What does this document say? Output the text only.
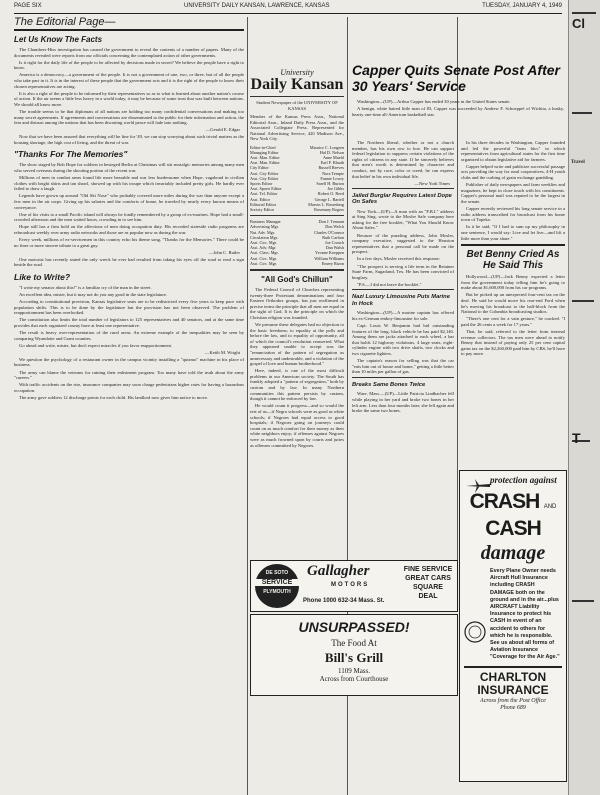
PAGE SIX	UNIVERSITY DAILY KANSAN, LAWRENCE, KANSAS	TUESDAY, JANUARY 4, 1949
The Editorial Page—
Let Us Know The Facts

The Chambers-Hiss investigation has caused the government to reveal the contents of a number of papers. Many of the documents revealed were reports from our officials concerning the contemplated action of other governments.

Is it right for the daily life of the people to be affected by decisions made in secret? We believe the people have a right to know.

America is a democracy—a government of the people. It is not a government of one, two, or three, but of all the people who take part in it. It is in the interest of these people that the government acts and it is the right of the people to know their chosen representatives are acting.

It is also a right of the people to be informed by their representatives so as to what is learned about another nation's course of action. If the air seems a little less heavy in a world today, it may be because of some trust that was built between nations. We should all know more.

The trouble seems to be that diplomats of all nations are holding too many confidential conversations and making too many secret agreements. If agreements and conversations are disseminated to the public for their information and action, the fear and distrust among the nations that has been thwarting world peace will fade into nothing.

—Gerald E. Edgar

Now that we have been assured that everything will be fine for '49, we can stop worrying about such trivial matters as the housing shortage, the high cost of living, and the threat of war.

"Thanks For The Memories"

The show staged by Bob Hope for soldiers in besieged Berlin at Christmas will stir nostalgic memories among many men who served overseas during the shooting portion of the recent war.

Millions of men in combat areas found life more bearable and war less burdensome when Hope, vagabond in civilian clothes with bright shirts and tan shawl, showed up with his troupe which invariably included pretty girls. He hardly ever failed to draw a laugh.

Legends have grown up around "Old Ski Nose" who probably covered more miles during the war than anyone except a few men in the air corps. Giving up his salaries and the comforts of home, he traveled by nearly every known means of conveyance.

One of his visits to a small Pacific island will always be fondly remembered by a group of ex-marines. Hope had a small-crowded afternoon and the men waited hours, crowding in to see him.

Hope still has a firm hold on the affections of men doing occupation duty. His recorded stateside radio programs are rebroadcast weekly over army radio networks and those are as popular now as during the war.

Every week, millions of ex-servicemen in this country echo his theme song, "Thanks for the Memories." There could be no finer or more sincere tribute to a great guy.

—John C. Butler

One motorist has recently stated the only wreck he ever had resulted from taking his eyes off the road to read a sign beside the road.

Like to Write?

"I write my senator about this!" is a familiar cry of the man in the street.

An excellent idea, mister, but it may not do you any good in the state legislature.

According to constitutional provision, Kansas legislative seats are to be redistricted every five years to keep pace with population shifts. This is to be done by the legislature but the provision has not been observed. The problem of reapportionment has been overlooked.

The constitution also limits the total number of legislators to 125 representatives and 40 senators, and at the same time provides that each organized county have at least one representative.

The result is heavy over-representation of the rural areas. An extreme example of the inequalities may be seen by comparing Wyandotte and Grant counties.

Go ahead and write, mister, but don't expect miracles if you favor reapportionment.

—Keith M. Wright

We question the psychology of a restaurant owner in the campus vicinity installing a "quizmo" machine in his place of business.

The army can blame the veterans for ruining their enlistment program. Too many have told the truth about the army "careers."

With traffic accidents on the rise, insurance companies may soon charge pedestrians higher rates for having a hazardous occupation.

The army gave soldiers 12 discharge points for each child. His landlord now gives him notice to move.

University
Daily Kansan
Student Newspaper of the UNIVERSITY OF KANSAS
Member of the Kansas Press Assn., National Editorial Assn., Inland Daily Press Assn., and the Associated Collegiate Press. Represented for National Advertising Service, 420 Madison Ave., New York City.
Editor-in-Chief	Maurice C. Longren
Managing Editor	Hal D. Nelson
Asst. Man. Editor	Anne Muehl
Asst. Man. Editor	Earl F. Blauth
City Editor	Russell Reeves
Asst. City Editor	Nora Tempie
Asst. City Editor	Fannie Lowry
Sports Editor	Sarell H. Burton
Asst. Sports Editor	Joe Gibbs
Asst. Tel. Editor	Robert O. Reed
Asst. Editor	George L. Bartell
Editorial Editor	Marvin L. Rosenberg
Society Editor	Rosemary Rogers
Business Manager	Don J. Tennant
Advertising Mgr.	Don Welch
Nat. Adv. Mgr.	Charles O'Connor
Circulation Mgr.	Ruth Carlton
Asst. Circ. Mgr.	Joe Crouch
Asst. Adv. Mgr.	Dan Walsh
Asst. Class. Mgr.	Yvonne Koeppen
Asst. Circ. Mgr.	William Williams
Asst. Circ. Mgr.	Emery Rizon
"All God's Chillun"

The Federal Council of Churches representing twenty-three Protestant denominations and four Eastern Orthodox groups, has just reaffirmed in precise terms the principle that all men are equal in the sight of God. It is the principle on which the Christian religion was founded.

We presume these delegates had no objection to the basic freedoms; to equality at the polls and before the law, and to equality of opportunity, all of which the council's resolution reasserted. What they appeared unable to accept was the "renunciation of the pattern of segregation as unnecessary and undesirable, and a violation of the gospel of love and human brotherhood."

Here, indeed, is one of the most difficult problems in our American society. The South has frankly adopted a "pattern of segregation," both by custom and by law. In many Northern communities this pattern persists by custom, though it cannot be enforced by law.

He would count it progress—and so would the rest of us—if Negro schools were as good as white schools; if Negroes had equal access to good hospitals; if Negroes going on journeys could count on as much comfort for their money as their white neighbors enjoy; if offenses against Negroes were as much frowned upon by courts and juries as offenses committed by Negroes.

Capper Quits Senate Post After 30 Years' Service

Washington—(UP)—Arthur Capper has ended 30 years in the United States senate.

A benign, white haired little man of 83, Capper was succeeded by Andrew F. Schoeppel of Wichita, a husky, hearty one-time all-American basketball star.

The Northern liberal, whether or not a church member, has his own row to hoe. He can support federal legislation to suppress certain violations of the rights of citizens in any state. If he sincerely believes that men's worth is determined by character and conduct, not by race, color or creed, he can express that belief in his own individual life.

—New York Times
Jailed Burglar Requires Latest Dope On Safes

New York—(UP)—A man with an "F.B.I." address at Sing Sing, wrote to the Mosler Safe company here asking for the free booklet, "What You Should Know About Safes."

Because of the puzzling address, John Mosler, company executive, suggested to the Houston representatives that a personal call be made on the prospect.

In a few days, Mosler received this response:

"The prospect is serving a life term in the Retainer State Farm, Sugarland, Tex. He has been convicted of burglary.

"P.S.—I did not leave the booklet."

Nazi Luxury Limousine Puts Marine In Hock

Washington—(UP)—A marine captain has offered his ex-German emboy-limousine for sale.

Capt. Louis W. Benjamin had bid outstanding features of the long, black vehicle he has paid $2,140. Among them are jacks attached to each wheel, a bar that holds 12 highway violations, 4 large seats, eight-cylinder engine with two drive shafts, two clocks and two cigarette lighters.

The captain's reason for selling was that the car "eats him out of house and home," getting a little better than 10 miles per gallon of gas.

Breaks Same Bones Twice

Ware, Mass.—(UP)—Little Patricia Lindbacher fell while playing in her yard and broke two bones in her left arm. Less than four months later, she fell again and broke the same two bones.

In his three decades in Washington, Capper founded and led the powerful "farm bloc" in which representatives from agricultural states for the first time organized to obtain legislative aid for farmers.

Capper helped write and publicize successful passage acts providing the way for rural cooperatives, 4-H youth clubs and the curbing of grain exchange gambling.

Publisher of daily newspapers and farm weeklies and magazines, he kept in close touch with his constituents. Capper's personal mail was reputed to be the largest in the senate.

Capper recently reviewed his long senate service in a radio address transcribed for broadcast from his home town of Topeka.

In it he said, "If I had to sum up my philosophy in one sentence, I would say: Live and let live—and lift a little more than your share."

Bet Benny Cried As He Said This

Hollywood—(UP)—Jack Benny expected a letter from the government today telling him he's going to make about $1,600,000 from his car programs.

But he picked up an unexpected four-cent tax on the deal. He said he would move his rear-end Ford when he's moving his broadcast to the half-block from the National to the Columbia broadcasting studios.

"There's one cent for a vain gesture," he cracked. "I paid the 26 cents a week for 17 years."

That, he said, referred to the letter from internal revenue collectors. The tax men were ahead to notify Benny that instead of paying only 25 per cent capital gains tax on the $2,260,000 paid him by CBS, he'll have to pay more.

protection against
CRASH AND CASH
damage
Every Plane Owner needs Aircraft Hull Insurance including CRASH DAMAGE both on the ground and in the air...plus AIRCRAFT Liability Insurance to protect his CASH in event of an accident to others for which he is responsible. See us about all forms of Aviation Insurance "Coverage for the Air Age."
CHARLTON
INSURANCE
Across from the Post Office
Phone 689
DE SOTO
SERVICE
PLYMOUTH
Gallagher
MOTORS
Phone 1000 632-34 Mass. St.
FINE SERVICE
GREAT CARS
SQUARE DEAL
UNSURPASSED!
The Food At
Bill's Grill
1109 Mass.
Across from Courthouse
Cl
Travel
T
